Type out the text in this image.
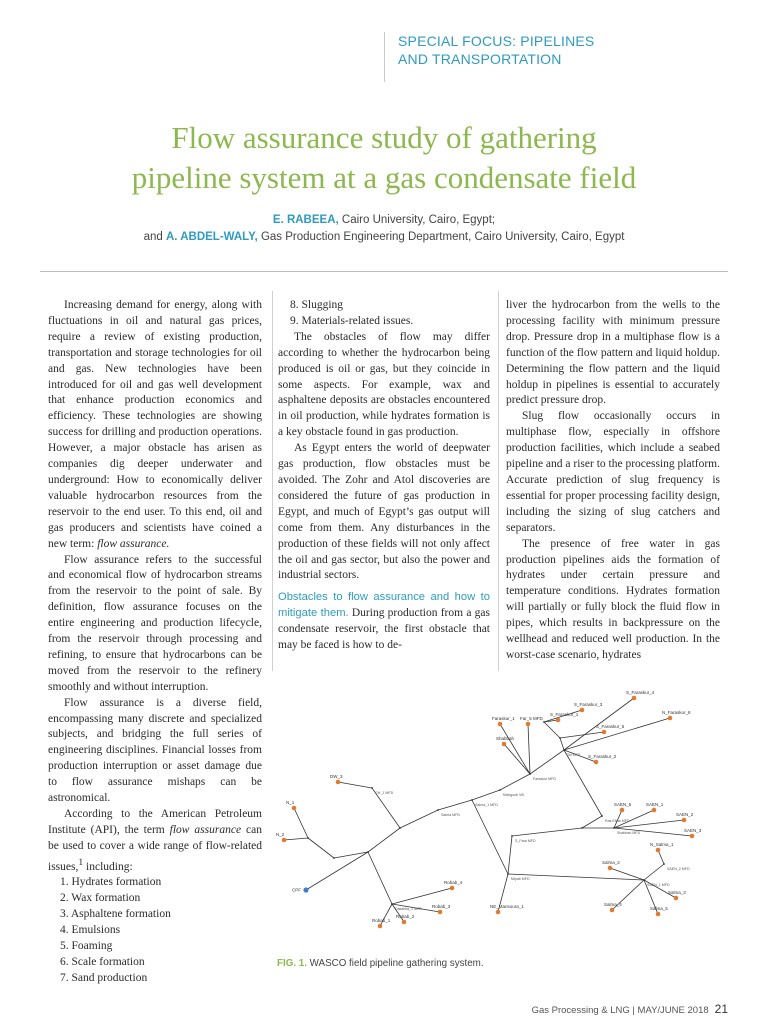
SPECIAL FOCUS: PIPELINES
AND TRANSPORTATION
Flow assurance study of gathering
pipeline system at a gas condensate field
E. RABEEA, Cairo University, Cairo, Egypt;
and A. ABDEL-WALY, Gas Production Engineering Department, Cairo University, Cairo, Egypt

Increasing demand for energy, along with fluctuations in oil and natural gas prices, require a review of existing production, transportation and storage technologies for oil and gas. New technologies have been introduced for oil and gas well development that enhance production economics and efficiency. These technologies are showing success for drilling and production operations. However, a major obstacle has arisen as companies dig deeper underwater and underground: How to economically deliver valuable hydrocarbon resources from the reservoir to the end user. To this end, oil and gas producers and scientists have coined a new term: flow assurance.

Flow assurance refers to the successful and economical flow of hydrocarbon streams from the reservoir to the point of sale. By definition, flow assurance focuses on the entire engineering and production lifecycle, from the reservoir through processing and refining, to ensure that hydrocarbons can be moved from the reservoir to the refinery smoothly and without interruption.

Flow assurance is a diverse field, encompassing many discrete and specialized subjects, and bridging the full series of engineering disciplines. Financial losses from production interruption or asset damage due to flow assurance mishaps can be astronomical.

According to the American Petroleum Institute (API), the term flow assurance can be used to cover a wide range of flow-related issues,$^1$ including:

1. Hydrates formation
2. Wax formation
3. Asphaltene formation
4. Emulsions
5. Foaming
6. Scale formation
7. Sand production
8. Slugging
9. Materials-related issues.

The obstacles of flow may differ according to whether the hydrocarbon being produced is oil or gas, but they coincide in some aspects. For example, wax and asphaltene deposits are obstacles encountered in oil production, while hydrates formation is a key obstacle found in gas production.

As Egypt enters the world of deepwater gas production, flow obstacles must be avoided. The Zohr and Atol discoveries are considered the future of gas production in Egypt, and much of Egypt’s gas output will come from them. Any disturbances in the production of these fields will not only affect the oil and gas sector, but also the power and industrial sectors.

Obstacles to flow assurance and how to mitigate them. During production from a gas condensate reservoir, the first obstacle that may be faced is how to de-

liver the hydrocarbon from the wells to the processing facility with minimum pressure drop. Pressure drop in a multiphase flow is a function of the flow pattern and liquid holdup. Determining the flow pattern and the liquid holdup in pipelines is essential to accurately predict pressure drop.

Slug flow occasionally occurs in multiphase flow, especially in offshore production facilities, which include a seabed pipeline and a riser to the processing platform. Accurate prediction of slug frequency is essential for proper processing facility design, including the sizing of slug catchers and separators.

The presence of free water in gas production pipelines aids the formation of hydrates under certain pressure and temperature conditions. Hydrates formation will partially or fully block the fluid flow in pipes, which results in backpressure on the wellhead and reduced well production. In the worst-case scenario, hydrates

S_Faraskur_4
S_Faraskur_3
S_Faraskur_1
S_Faraskur_5
Faraskur_1 Far_5 MFD
Shabbah
S_Faraskur_2
N_Faraskur_8
DW_3
SAEN_1
SAEN_5
SAEN_2
SAEN_3
Salma_2
N_Salma_1
Salma_3
Salma_4
Salma_5
NE_Mansoura_1
Robab_4
Robab_3
Robab_2
Robab_1
N_1
N_2
CPF
Tal MFD
GH_1 MFD
Faraskur MFD
S_Fara MFD
Mtyab MFD
Mahgoub VIII
Shabbah MFD
SAEN_2 MFD
SAEN_1 MFD
Salma MFD
Dakahlia_1 MFD
Salma_1 MFD
Ras Elbar MFD
FIG. 1. WASCO field pipeline gathering system.
Gas Processing & LNG | MAY/JUNE 2018 21
